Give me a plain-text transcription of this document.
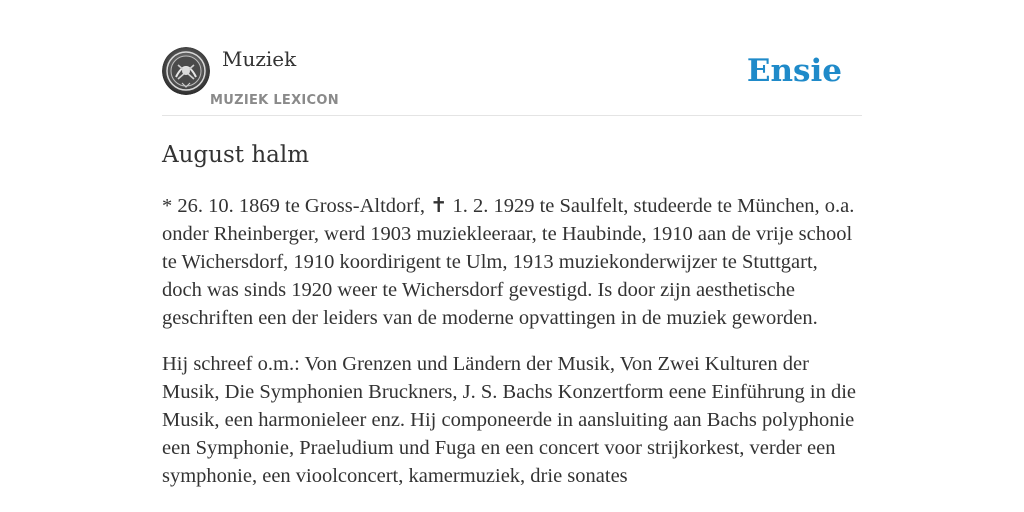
Muziek
MUZIEK LEXICON
Ensie
August halm

* 26. 10. 1869 te Gross-Altdorf, ✝ 1. 2. 1929 te Saulfelt, studeerde te München, o.a. onder Rheinberger, werd 1903 muziekleeraar, te Haubinde, 1910 aan de vrije school te Wichersdorf, 1910 koordirigent te Ulm, 1913 muziekonderwijzer te Stuttgart, doch was sinds 1920 weer te Wichersdorf gevestigd. Is door zijn aesthetische geschriften een der leiders van de moderne opvattingen in de muziek geworden.

Hij schreef o.m.: Von Grenzen und Ländern der Musik, Von Zwei Kulturen der Musik, Die Symphonien Bruckners, J. S. Bachs Konzertform eene Einführung in die Musik, een harmonieleer enz. Hij componeerde in aansluiting aan Bachs polyphonie een Symphonie, Praeludium und Fuga en een concert voor strijkorkest, verder een symphonie, een vioolconcert, kamermuziek, drie sonates
